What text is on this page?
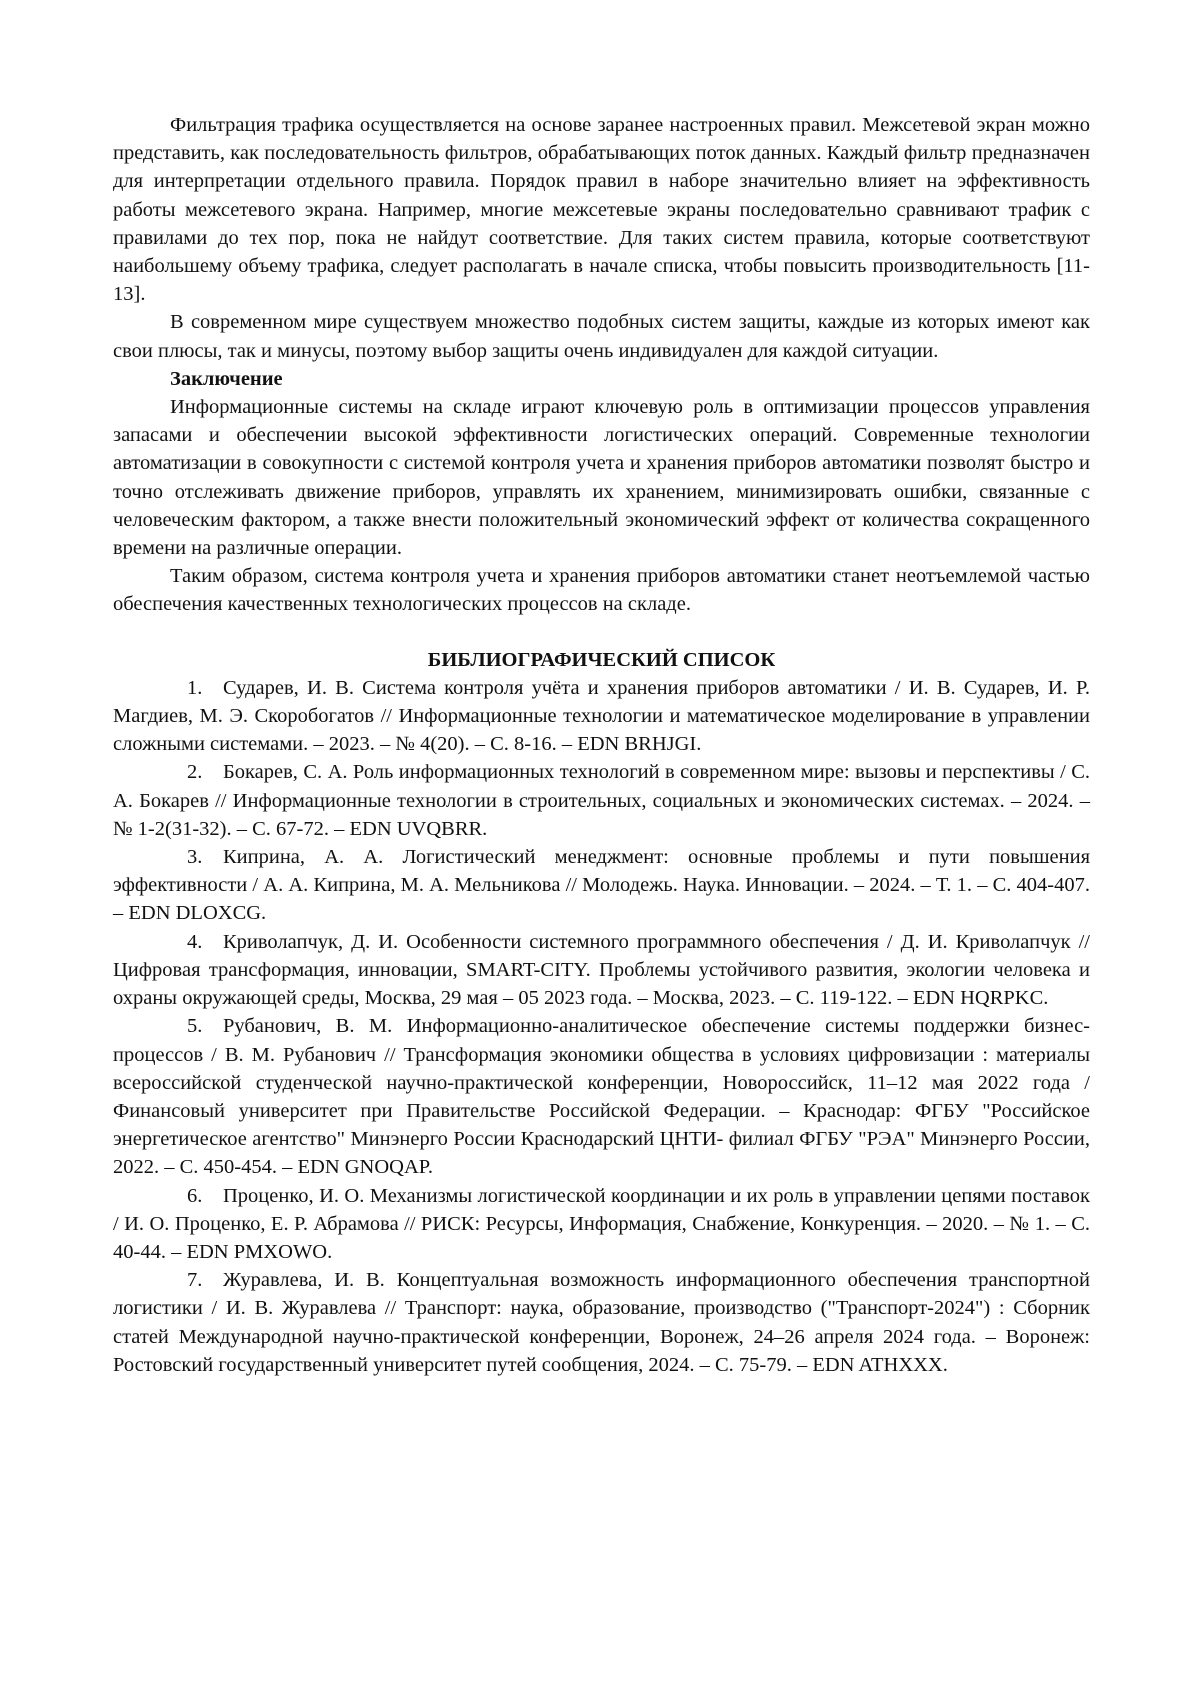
Фильтрация трафика осуществляется на основе заранее настроенных правил. Межсетевой экран можно представить, как последовательность фильтров, обрабатывающих поток данных. Каждый фильтр предназначен для интерпретации отдельного правила. Порядок правил в наборе значительно влияет на эффективность работы межсетевого экрана. Например, многие межсетевые экраны последовательно сравнивают трафик с правилами до тех пор, пока не найдут соответствие. Для таких систем правила, которые соответствуют наибольшему объему трафика, следует располагать в начале списка, чтобы повысить производительность [11-13].

В современном мире существуем множество подобных систем защиты, каждые из которых имеют как свои плюсы, так и минусы, поэтому выбор защиты очень индивидуален для каждой ситуации.

Заключение

Информационные системы на складе играют ключевую роль в оптимизации процессов управления запасами и обеспечении высокой эффективности логистических операций. Современные технологии автоматизации в совокупности с системой контроля учета и хранения приборов автоматики позволят быстро и точно отслеживать движение приборов, управлять их хранением, минимизировать ошибки, связанные с человеческим фактором, а также внести положительный экономический эффект от количества сокращенного времени на различные операции.

Таким образом, система контроля учета и хранения приборов автоматики станет неотъемлемой частью обеспечения качественных технологических процессов на складе.

БИБЛИОГРАФИЧЕСКИЙ СПИСОК
1. Сударев, И. В. Система контроля учёта и хранения приборов автоматики / И. В. Сударев, И. Р. Магдиев, М. Э. Скоробогатов // Информационные технологии и математическое моделирование в управлении сложными системами. – 2023. – № 4(20). – С. 8-16. – EDN BRHJGI.
2. Бокарев, С. А. Роль информационных технологий в современном мире: вызовы и перспективы / С. А. Бокарев // Информационные технологии в строительных, социальных и экономических системах. – 2024. – № 1-2(31-32). – С. 67-72. – EDN UVQBRR.
3. Киприна, А. А. Логистический менеджмент: основные проблемы и пути повышения эффективности / А. А. Киприна, М. А. Мельникова // Молодежь. Наука. Инновации. – 2024. – Т. 1. – С. 404-407. – EDN DLOXCG.
4. Криволапчук, Д. И. Особенности системного программного обеспечения / Д. И. Криволапчук // Цифровая трансформация, инновации, SMART-CITY. Проблемы устойчивого развития, экологии человека и охраны окружающей среды, Москва, 29 мая – 05 2023 года. – Москва, 2023. – С. 119-122. – EDN HQRPKC.
5. Рубанович, В. М. Информационно-аналитическое обеспечение системы поддержки бизнес-процессов / В. М. Рубанович // Трансформация экономики общества в условиях цифровизации : материалы всероссийской студенческой научно-практической конференции, Новороссийск, 11–12 мая 2022 года / Финансовый университет при Правительстве Российской Федерации. – Краснодар: ФГБУ "Российское энергетическое агентство" Минэнерго России Краснодарский ЦНТИ- филиал ФГБУ "РЭА" Минэнерго России, 2022. – С. 450-454. – EDN GNOQAP.
6. Проценко, И. О. Механизмы логистической координации и их роль в управлении цепями поставок / И. О. Проценко, Е. Р. Абрамова // РИСК: Ресурсы, Информация, Снабжение, Конкуренция. – 2020. – № 1. – С. 40-44. – EDN PMXOWO.
7. Журавлева, И. В. Концептуальная возможность информационного обеспечения транспортной логистики / И. В. Журавлева // Транспорт: наука, образование, производство ("Транспорт-2024") : Сборник статей Международной научно-практической конференции, Воронеж, 24–26 апреля 2024 года. – Воронеж: Ростовский государственный университет путей сообщения, 2024. – С. 75-79. – EDN ATHXXX.
